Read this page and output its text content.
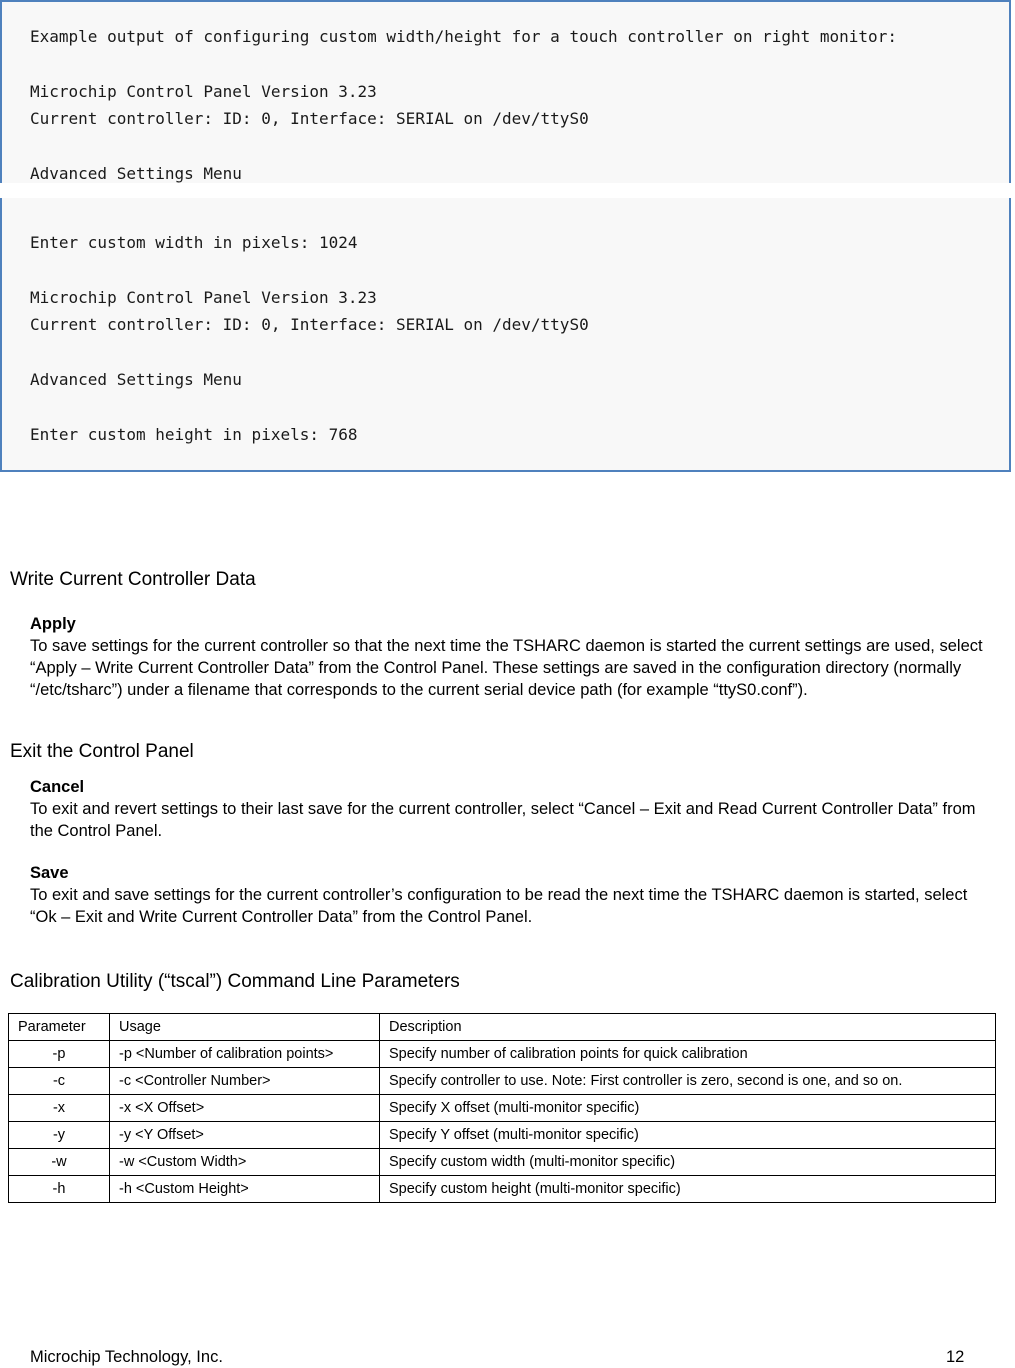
Example output of configuring custom width/height for a touch controller on right monitor:
Microchip Control Panel Version 3.23
Current controller: ID: 0, Interface: SERIAL on /dev/ttyS0
Advanced Settings Menu
Enter custom width in pixels: 1024
Microchip Control Panel Version 3.23
Current controller: ID: 0, Interface: SERIAL on /dev/ttyS0
Advanced Settings Menu
Enter custom height in pixels: 768
Write Current Controller Data
Apply
To save settings for the current controller so that the next time the TSHARC daemon is started the current settings are used, select “Apply – Write Current Controller Data” from the Control Panel. These settings are saved in the configuration directory (normally “/etc/tsharc”) under a filename that corresponds to the current serial device path (for example “ttyS0.conf”).
Exit the Control Panel
Cancel
To exit and revert settings to their last save for the current controller, select “Cancel – Exit and Read Current Controller Data” from the Control Panel.
Save
To exit and save settings for the current controller’s configuration to be read the next time the TSHARC daemon is started, select “Ok – Exit and Write Current Controller Data” from the Control Panel.
Calibration Utility (“tscal”) Command Line Parameters
Parameter	Usage	Description
-p	-p <Number of calibration points>	Specify number of calibration points for quick calibration
-c	-c <Controller Number>	Specify controller to use. Note: First controller is zero, second is one, and so on.
-x	-x <X Offset>	Specify X offset (multi-monitor specific)
-y	-y <Y Offset>	Specify Y offset (multi-monitor specific)
-w	-w <Custom Width>	Specify custom width (multi-monitor specific)
-h	-h <Custom Height>	Specify custom height (multi-monitor specific)
Microchip Technology, Inc.	12
